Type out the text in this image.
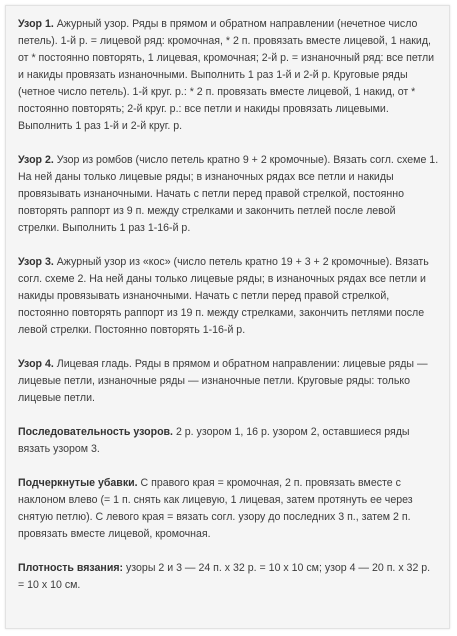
Узор 1. Ажурный узор. Ряды в прямом и обратном направлении (нечетное число петель). 1-й р. = лицевой ряд: кромочная, * 2 п. провязать вместе лицевой, 1 накид, от * постоянно повторять, 1 лицевая, кромочная; 2-й р. = изнаночный ряд: все петли и накиды провязать изнаночными. Выполнить 1 раз 1-й и 2-й р. Круговые ряды (четное число петель). 1-й круг. р.: * 2 п. провязать вместе лицевой, 1 накид, от * постоянно повторять; 2-й круг. р.: все петли и накиды провязать лицевыми. Выполнить 1 раз 1-й и 2-й круг. р.

Узор 2. Узор из ромбов (число петель кратно 9 + 2 кромочные). Вязать согл. схеме 1. На ней даны только лицевые ряды; в изнаночных рядах все петли и накиды провязывать изнаночными. Начать с петли перед правой стрелкой, постоянно повторять раппорт из 9 п. между стрелками и закончить петлей после левой стрелки. Выполнить 1 раз 1-16-й р.

Узор 3. Ажурный узор из «кос» (число петель кратно 19 + 3 + 2 кромочные). Вязать согл. схеме 2. На ней даны только лицевые ряды; в изнаночных рядах все петли и накиды провязывать изнаночными. Начать с петли перед правой стрелкой, постоянно повторять раппорт из 19 п. между стрелками, закончить петлями после левой стрелки. Постоянно повторять 1-16-й р.

Узор 4. Лицевая гладь. Ряды в прямом и обратном направлении: лицевые ряды — лицевые петли, изнаночные ряды — изнаночные петли. Круговые ряды: только лицевые петли.

Последовательность узоров. 2 р. узором 1, 16 р. узором 2, оставшиеся ряды вязать узором 3.

Подчеркнутые убавки. С правого края = кромочная, 2 п. провязать вместе с наклоном влево (= 1 п. снять как лицевую, 1 лицевая, затем протянуть ее через снятую петлю). С левого края = вязать согл. узору до последних 3 п., затем 2 п. провязать вместе лицевой, кромочная.

Плотность вязания: узоры 2 и 3 — 24 п. х 32 р. = 10 х 10 см; узор 4 — 20 п. х 32 р. = 10 х 10 см.
